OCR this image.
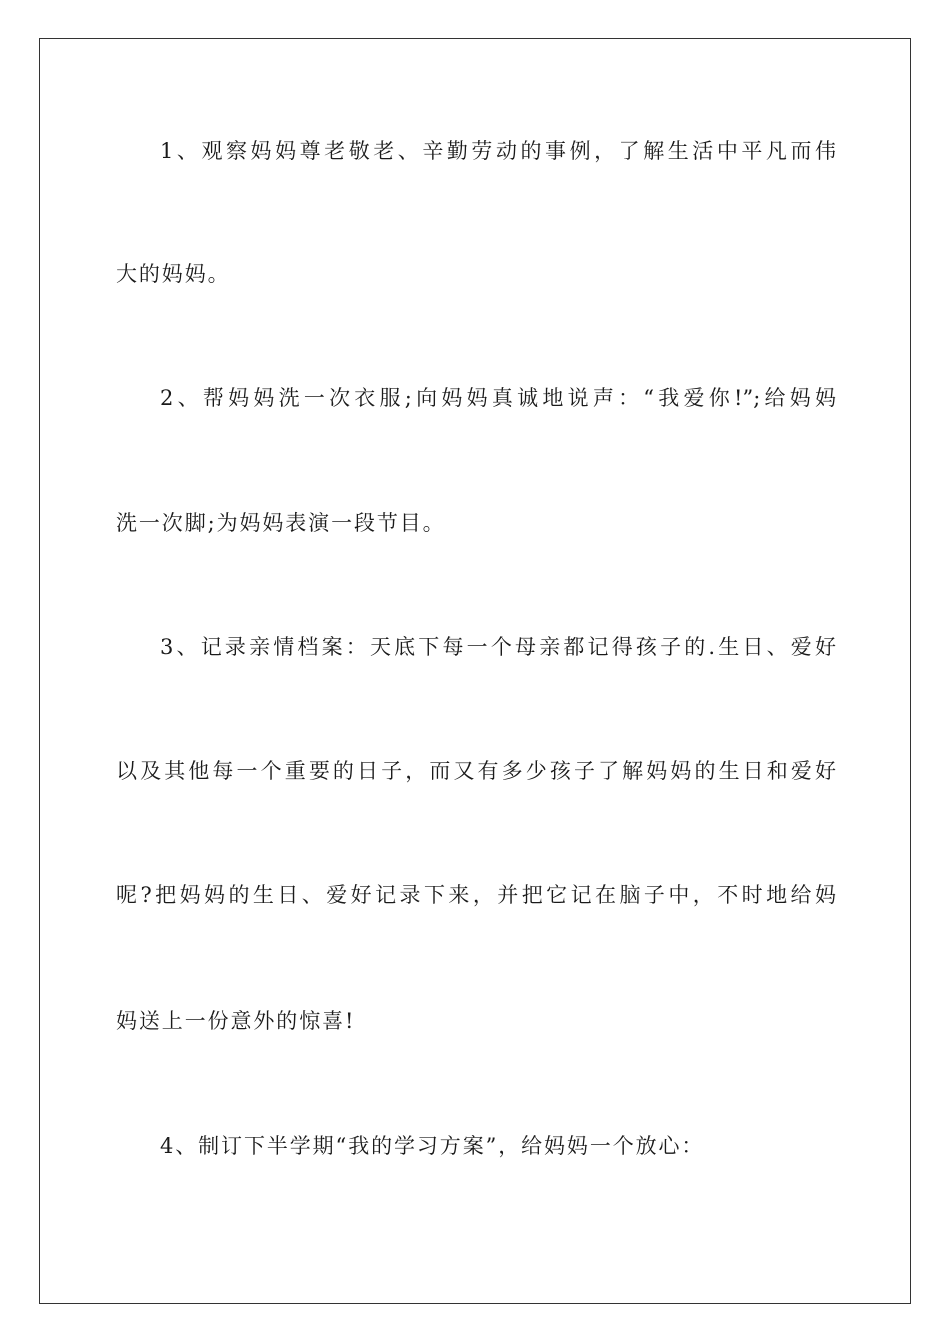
1、观察妈妈尊老敬老、辛勤劳动的事例，了解生活中平凡而伟
大的妈妈。
2、帮妈妈洗一次衣服;向妈妈真诚地说声：“我爱你!”;给妈妈
洗一次脚;为妈妈表演一段节目。
3、记录亲情档案：天底下每一个母亲都记得孩子的.生日、爱好
以及其他每一个重要的日子，而又有多少孩子了解妈妈的生日和爱好
呢?把妈妈的生日、爱好记录下来，并把它记在脑子中，不时地给妈
妈送上一份意外的惊喜!
4、制订下半学期“我的学习方案”，给妈妈一个放心：
